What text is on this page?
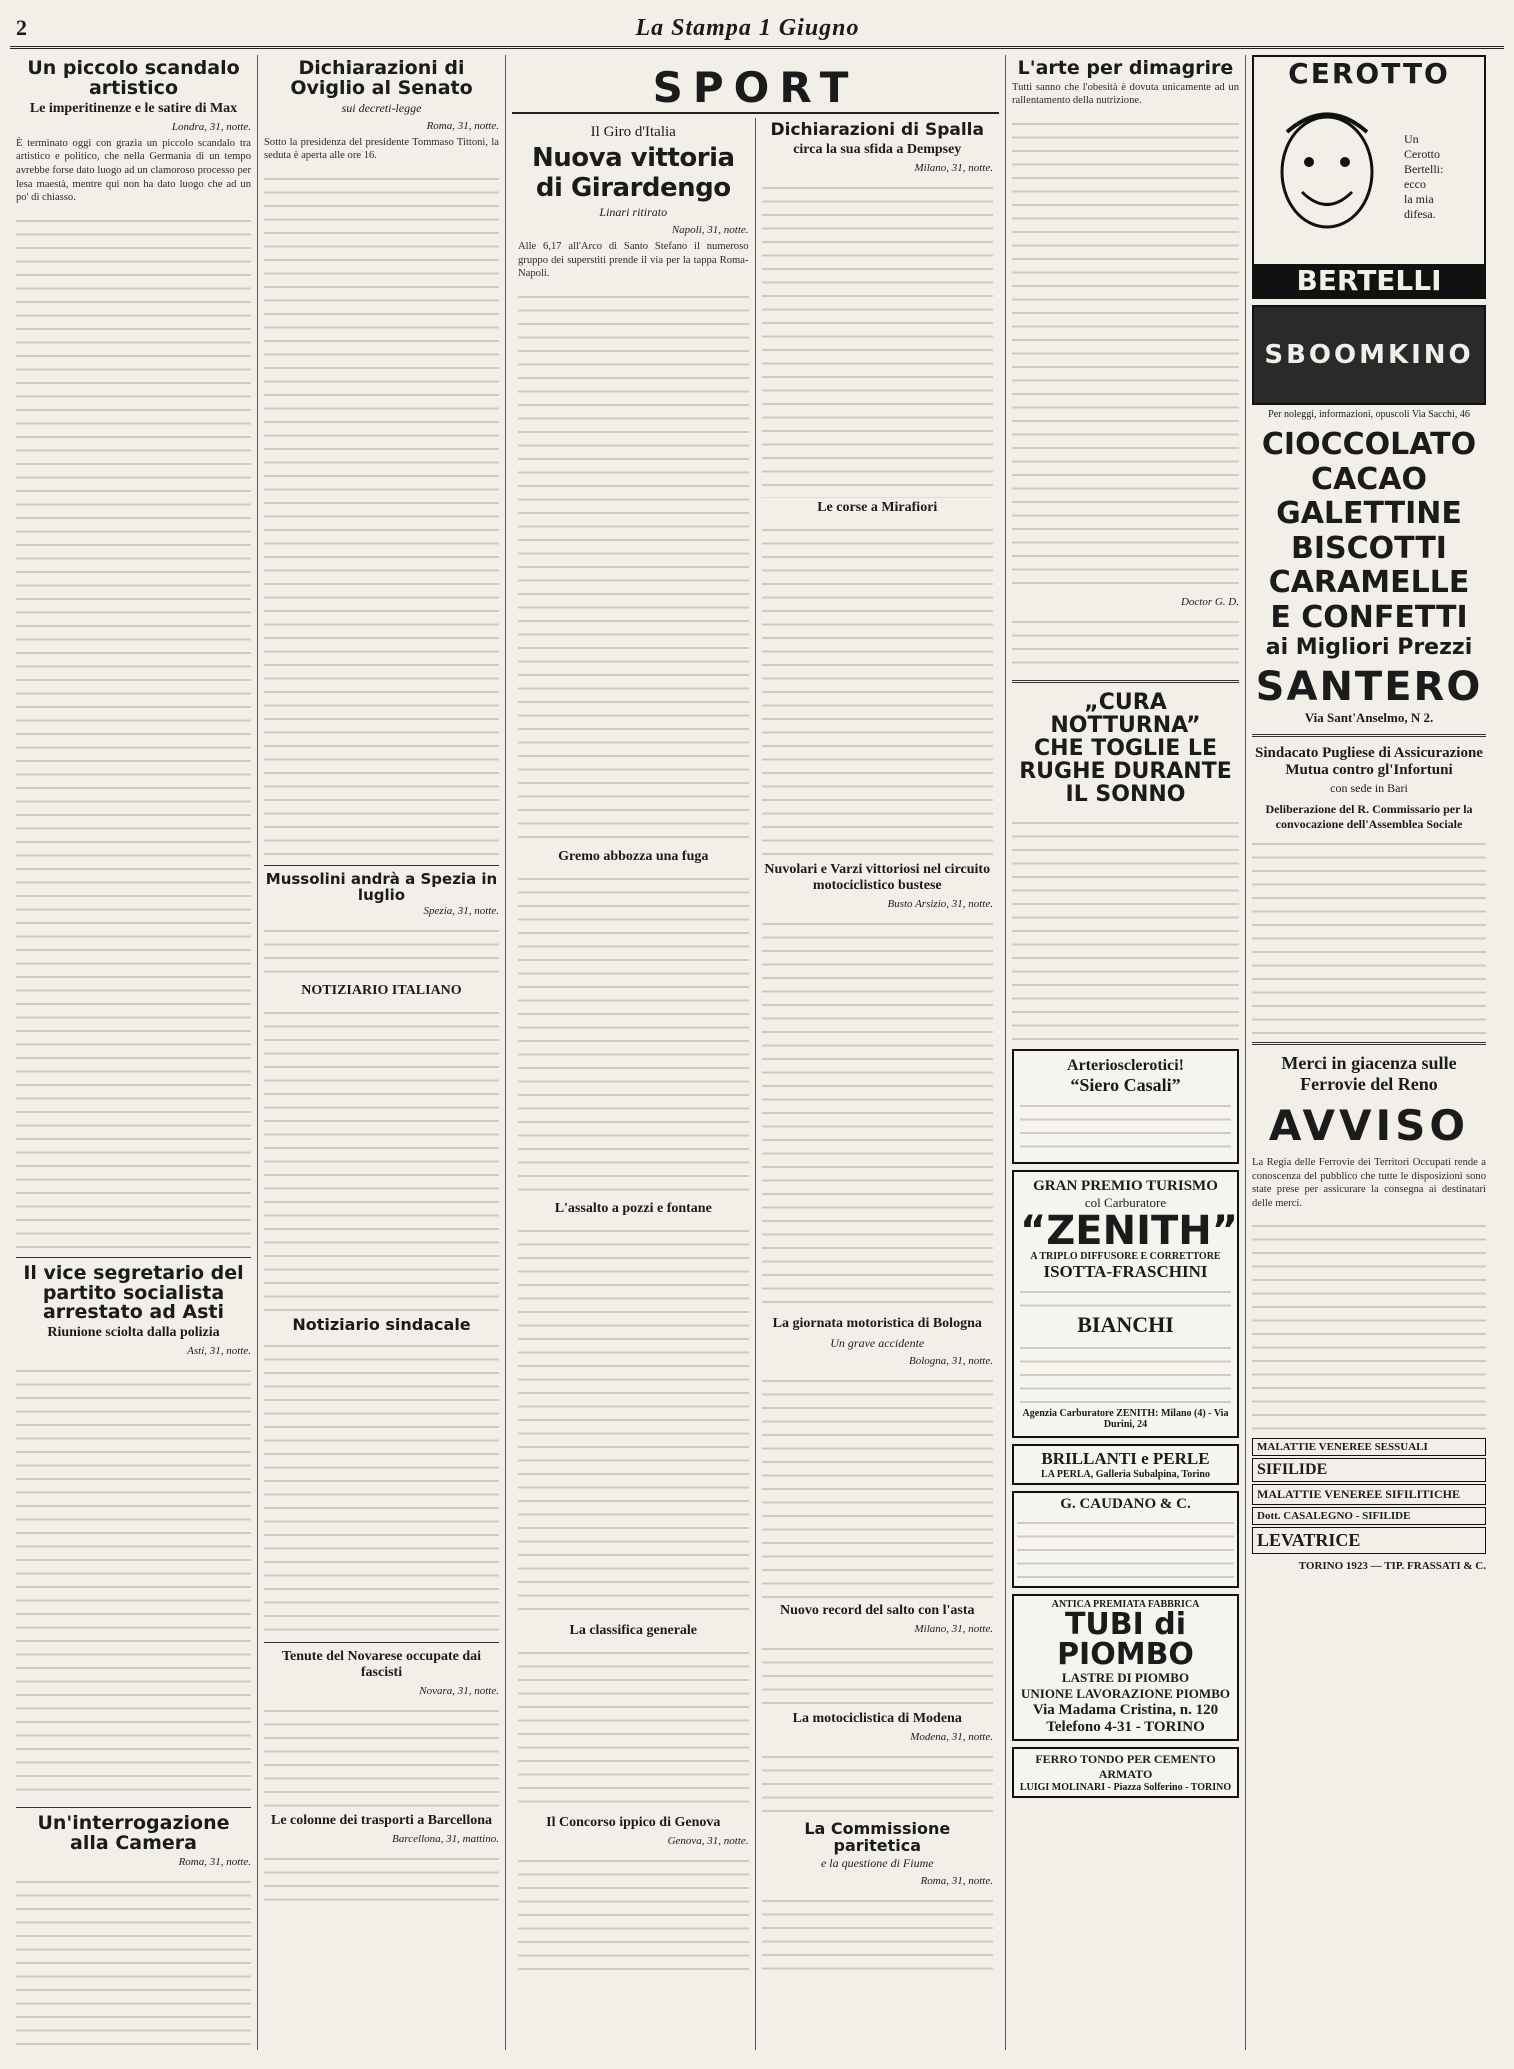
2	La Stampa 1 Giugno
Un piccolo scandalo artistico
Le imperitinenze e le satire di Max
Londra, 31, notte.

È terminato oggi con grazia un piccolo scandalo tra artistico e politico, che nella Germania di un tempo avrebbe forse dato luogo ad un clamoroso processo per lesa maestà, mentre qui non ha dato luogo che ad un po' di chiasso.

Il vice segretario del partito socialista arrestato ad Asti
Riunione sciolta dalla polizia
Asti, 31, notte.
Un'interrogazione alla Camera
Roma, 31, notte.
Dichiarazioni di Oviglio al Senato
sui decreti-legge
Roma, 31, notte.

Sotto la presidenza del presidente Tommaso Tittoni, la seduta è aperta alle ore 16.

Mussolini andrà a Spezia in luglio
Spezia, 31, notte.
NOTIZIARIO ITALIANO
Notiziario sindacale
Tenute del Novarese occupate dai fascisti
Novara, 31, notte.
Le colonne dei trasporti a Barcellona
Barcellona, 31, mattino.
SPORT
Il Giro d'Italia
Nuova vittoria di Girardengo
Linari ritirato
Napoli, 31, notte.

Alle 6,17 all'Arco di Santo Stefano il numeroso gruppo dei superstiti prende il via per la tappa Roma-Napoli.

Gremo abbozza una fuga
L'assalto a pozzi e fontane
La classifica generale
Il Concorso ippico di Genova
Genova, 31, notte.
Dichiarazioni di Spalla
circa la sua sfida a Dempsey
Milano, 31, notte.
Le corse a Mirafiori
Nuvolari e Varzi vittoriosi nel circuito motociclistico bustese
Busto Arsizio, 31, notte.
La giornata motoristica di Bologna
Un grave accidente
Bologna, 31, notte.
Nuovo record del salto con l'asta
Milano, 31, notte.
La motociclistica di Modena
Modena, 31, notte.
La Commissione paritetica
e la questione di Fiume
Roma, 31, notte.
L'arte per dimagrire

Tutti sanno che l'obesità è dovuta unicamente ad un rallentamento della nutrizione.

Doctor G. D.
„CURA NOTTURNA”
CHE TOGLIE LE
RUGHE DURANTE
IL SONNO
Arteriosclerotici!
“Siero Casali”
GRAN PREMIO TURISMO
col Carburatore
“ZENITH”
A TRIPLO DIFFUSORE E CORRETTORE
ISOTTA-FRASCHINI
BIANCHI
Agenzia Carburatore ZENITH: Milano (4) - Via Durini, 24
BRILLANTI e PERLE
LA PERLA, Galleria Subalpina, Torino
G. CAUDANO & C.
ANTICA PREMIATA FABBRICA
TUBI di PIOMBO
LASTRE DI PIOMBO
UNIONE LAVORAZIONE PIOMBO
Via Madama Cristina, n. 120
Telefono 4-31 - TORINO
FERRO TONDO PER CEMENTO ARMATO
LUIGI MOLINARI - Piazza Solferino - TORINO
CEROTTO
Un
Cerotto
Bertelli:
ecco
la mia
difesa.
BERTELLI
SBOOMKINO
Per noleggi, informazioni, opuscoli Via Sacchi, 46
CIOCCOLATO
CACAO
GALETTINE
BISCOTTI
CARAMELLE
E CONFETTI
ai Migliori Prezzi
SANTERO
Via Sant'Anselmo, N 2.
Sindacato Pugliese di Assicurazione Mutua contro gl'Infortuni
con sede in Bari
Deliberazione del R. Commissario per la convocazione dell'Assemblea Sociale
Merci in giacenza sulle Ferrovie del Reno
AVVISO

La Regia delle Ferrovie dei Territori Occupati rende a conoscenza del pubblico che tutte le disposizioni sono state prese per assicurare la consegna ai destinatari delle merci.

MALATTIE VENEREE SESSUALI
SIFILIDE
MALATTIE VENEREE SIFILITICHE
Dott. CASALEGNO - SIFILIDE
LEVATRICE
TORINO 1923 — TIP. FRASSATI & C.
